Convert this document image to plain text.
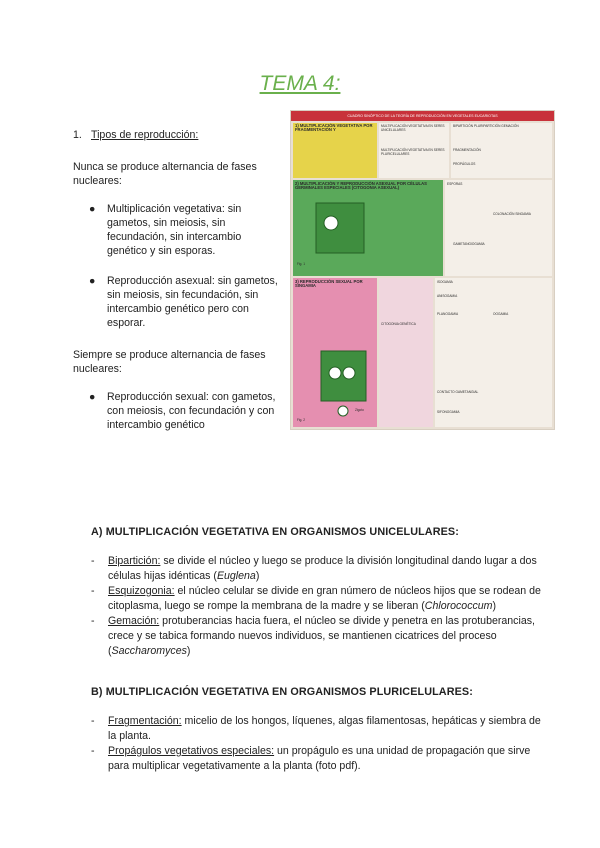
TEMA 4:
1. Tipos de reproducción:

Nunca se produce alternancia de fases nucleares:

● Multiplicación vegetativa: sin gametos, sin meiosis, sin fecundación, sin intercambio genético y sin esporas.
● Reproducción asexual: sin gametos, sin meiosis, sin fecundación, sin intercambio genético pero con esporar.

Siempre se produce alternancia de fases nucleares:

● Reproducción sexual: con gametos, con meiosis, con fecundación y con intercambio genético
CUADRO SINÓPTICO DE LA TEORÍA DE REPRODUCCIÓN EN VEGETALES EUCARIOTAS
1) MULTIPLICACIÓN VEGETATIVA POR FRAGMENTACIÓN Y
MULTIPLICACIÓN VEGETATIVA EN SERES UNICELULARES
BIPARTICIÓN PLURIPARTICIÓN GEMACIÓN
MULTIPLICACIÓN VEGETATIVA EN SERES PLURICELULARES
FRAGMENTACIÓN
PROPÁGULOS
2) MULTIPLICACIÓN Y REPRODUCCIÓN ASEXUAL POR CÉLULAS GERMINALES ESPECIALES (CITOGONIA ASEXUAL)
ESPORAS
COLONACIÓN SINGAMIA
GAMETANGIOGAMIA
Fig. 1
3) REPRODUCCIÓN SEXUAL POR SINGAMIA
ISOGAMIA
ANISOGAMIA
PLANOGAMIA	OOGAMIA
CITOGONIA GENÉTICA
CONTACTO GAMETANGIAL
SIFONOGAMIA
Zigoto
Fig. 2
A) MULTIPLICACIÓN VEGETATIVA EN ORGANISMOS UNICELULARES:
- Bipartición: se divide el núcleo y luego se produce la división longitudinal dando lugar a dos células hijas idénticas (Euglena)
- Esquizogonia: el núcleo celular se divide en gran número de núcleos hijos que se rodean de citoplasma, luego se rompe la membrana de la madre y se liberan (Chlorococcum)
- Gemación: protuberancias hacia fuera, el núcleo se divide y penetra en las protuberancias, crece y se tabica formando nuevos individuos, se mantienen cicatrices del proceso (Saccharomyces)
B) MULTIPLICACIÓN VEGETATIVA EN ORGANISMOS PLURICELULARES:
- Fragmentación: micelio de los hongos, líquenes, algas filamentosas, hepáticas y siembra de la planta.
- Propágulos vegetativos especiales: un propágulo es una unidad de propagación que sirve para multiplicar vegetativamente a la planta (foto pdf).
